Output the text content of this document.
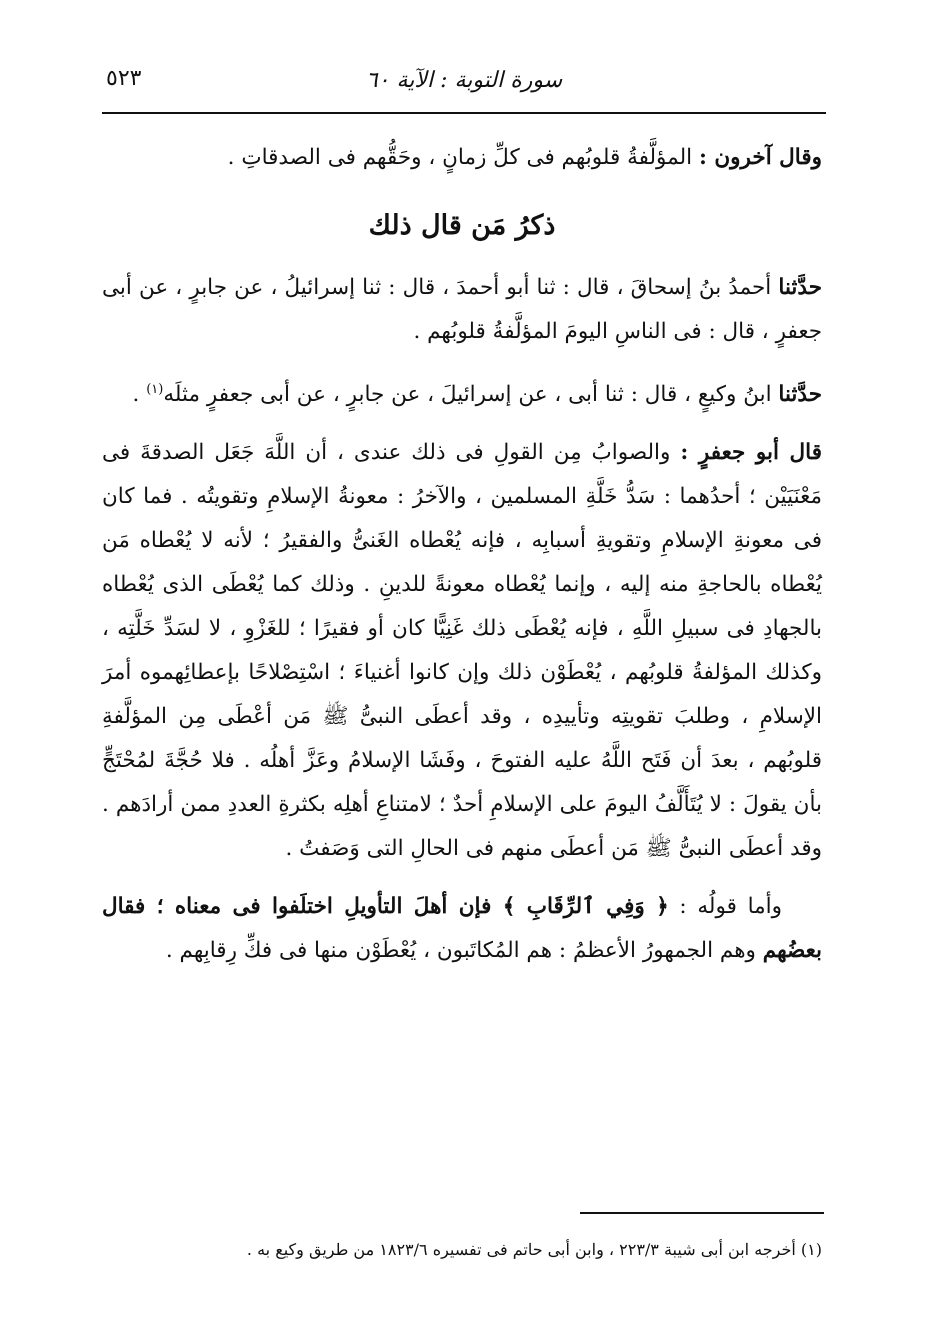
سورة التوبة : الآية ٦٠
٥٢٣

وقال آخرون : المؤلَّفةُ قلوبُهم فى كلِّ زمانٍ ، وحَقُّهم فى الصدقاتِ .

ذكرُ مَن قال ذلك

حدَّثنا أحمدُ بنُ إسحاقَ ، قال : ثنا أبو أحمدَ ، قال : ثنا إسرائيلُ ، عن جابرٍ ، عن أبى جعفرٍ ، قال : فى الناسِ اليومَ المؤلَّفةُ قلوبُهم .

حدَّثنا ابنُ وكيعٍ ، قال : ثنا أبى ، عن إسرائيلَ ، عن جابرٍ ، عن أبى جعفرٍ مثلَه$^{(١)}$ .

قال أبو جعفرٍ : والصوابُ مِن القولِ فى ذلك عندى ، أن اللَّهَ جَعَل الصدقةَ فى مَعْنَيَيْن ؛ أحدُهما : سَدُّ خَلَّةِ المسلمين ، والآخرُ : معونةُ الإسلامِ وتقويتُه . فما كان فى معونةِ الإسلامِ وتقويةِ أسبابِه ، فإنه يُعْطاه الغَنىُّ والفقيرُ ؛ لأنه لا يُعْطاه مَن يُعْطاه بالحاجةِ منه إليه ، وإنما يُعْطاه معونةً للدينِ . وذلك كما يُعْطَى الذى يُعْطاه بالجهادِ فى سبيلِ اللَّهِ ، فإنه يُعْطَى ذلك غَنِيًّا كان أو فقيرًا ؛ للغَزْوِ ، لا لسَدِّ خَلَّتِه ، وكذلك المؤلفةُ قلوبُهم ، يُعْطَوْن ذلك وإن كانوا أغنياءَ ؛ اسْتِصْلاحًا بإعطائِهموه أمرَ الإسلامِ ، وطلبَ تقويتِه وتأييدِه ، وقد أعطَى النبىُّ ﷺ مَن أعْطَى مِن المؤلَّفةِ قلوبُهم ، بعدَ أن فَتَح اللَّهُ عليه الفتوحَ ، وفَشَا الإسلامُ وعَزَّ أهلُه . فلا حُجَّةَ لمُحْتَجٍّ بأن يقولَ : لا يُتَأَلَّفُ اليومَ على الإسلامِ أحدٌ ؛ لامتناعِ أهلِه بكثرةِ العددِ ممن أرادَهم . وقد أعطَى النبىُّ ﷺ مَن أعطَى منهم فى الحالِ التى وَصَفتُ .

وأما قولُه : ﴿ وَفِي ٱلرِّقَابِ ﴾ فإن أهلَ التأويلِ اختلَفوا فى معناه ؛ فقال بعضُهم وهم الجمهورُ الأعظمُ : هم المُكاتَبون ، يُعْطَوْن منها فى فكِّ رِقابِهم .

(١) أخرجه ابن أبى شيبة ٢٢٣/٣ ، وابن أبى حاتم فى تفسيره ١٨٢٣/٦ من طريق وكيع به .
